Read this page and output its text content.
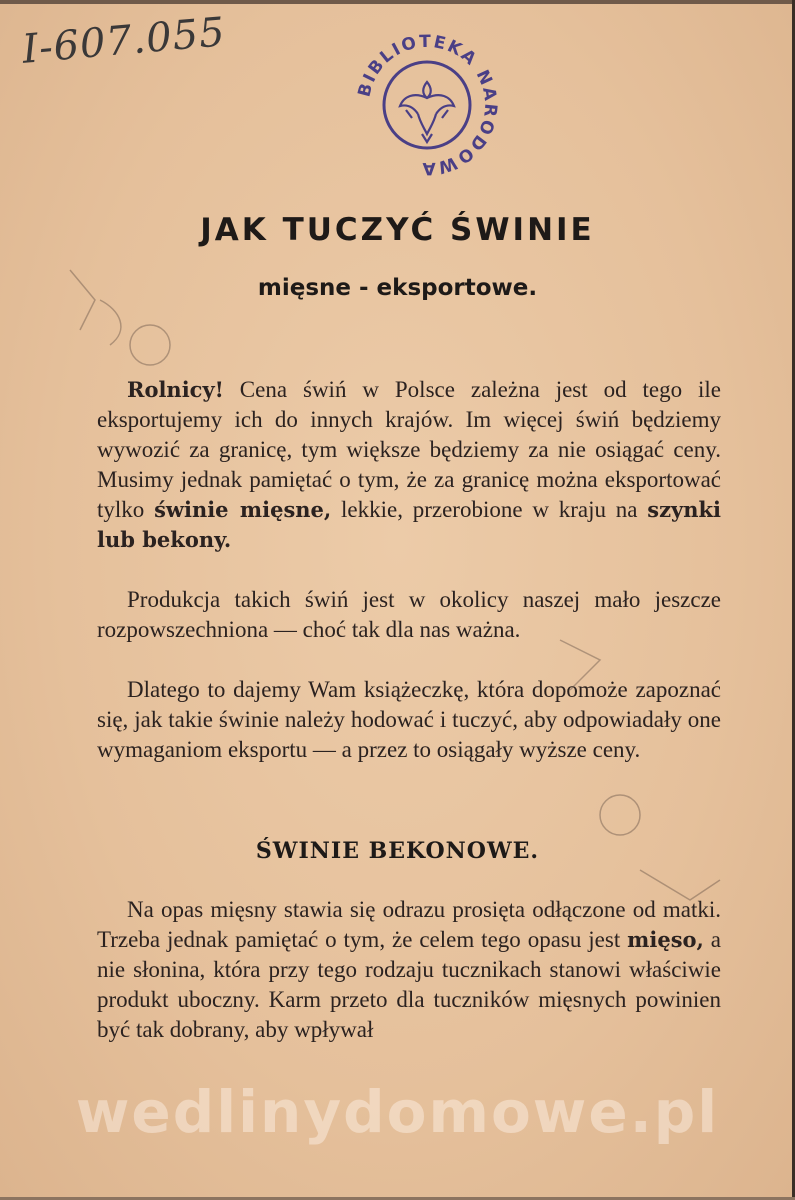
I-607.055
BIBLIOTEKA NARODOWA
JAK TUCZYĆ ŚWINIE
mięsne - eksportowe.

Rolnicy! Cena świń w Polsce zależna jest od tego ile eksportujemy ich do innych krajów. Im więcej świń będziemy wywozić za granicę, tym większe będziemy za nie osiągać ceny. Musimy jednak pamiętać o tym, że za granicę można eksportować tylko świnie mięsne, lekkie, przerobione w kraju na szynki lub bekony.

Produkcja takich świń jest w okolicy naszej mało jeszcze rozpowszechniona — choć tak dla nas ważna.

Dlatego to dajemy Wam książeczkę, która dopomoże zapoznać się, jak takie świnie należy hodować i tuczyć, aby odpowiadały one wymaganiom eksportu — a przez to osiągały wyższe ceny.

ŚWINIE BEKONOWE.

Na opas mięsny stawia się odrazu prosięta odłączone od matki. Trzeba jednak pamiętać o tym, że celem tego opasu jest mięso, a nie słonina, która przy tego rodzaju tucznikach stanowi właściwie produkt uboczny. Karm przeto dla tuczników mięsnych powinien być tak dobrany, aby wpływał

wedlinydomowe.pl
